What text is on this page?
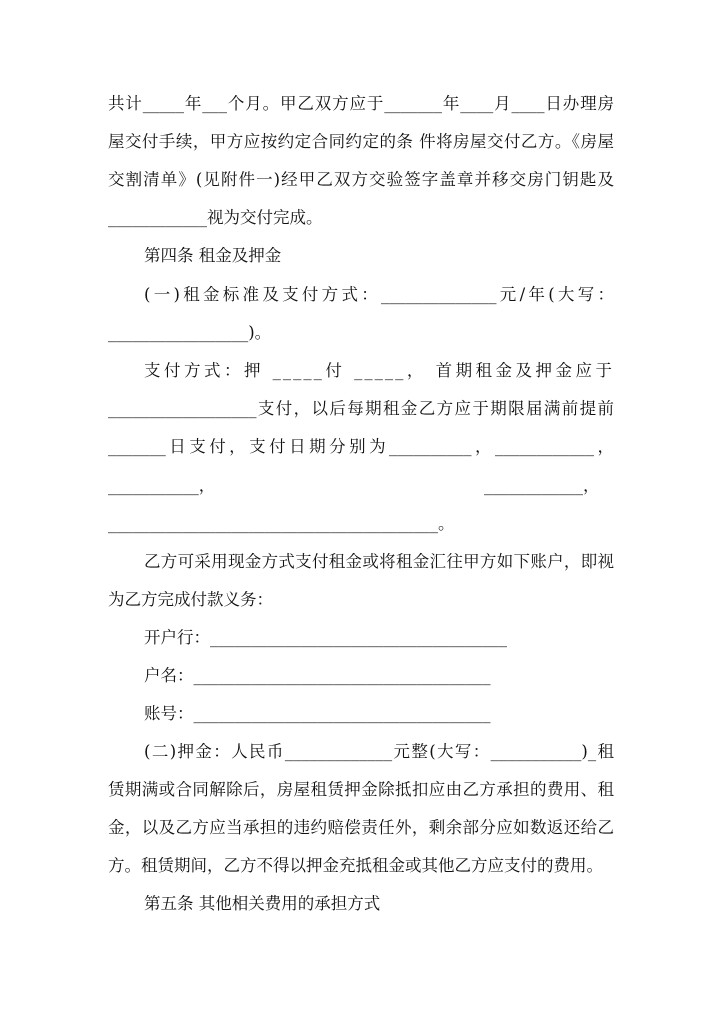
共计_____年___个月。甲乙双方应于_______年____月____日办理房
屋交付手续，甲方应按约定合同约定的条 件将房屋交付乙方。《房屋
交割清单》(见附件一)经甲乙双方交验签字盖章并移交房门钥匙及
____________视为交付完成。
第四条 租金及押金
(一)租金标准及支付方式：______________元/年(大写：
_________________)。
支付方式：押 _____付 _____， 首期租金及押金应于
__________________支付，以后每期租金乙方应于期限届满前提前
_______日支付，支付日期分别为__________，____________，
___________，	____________，
________________________________________。
乙方可采用现金方式支付租金或将租金汇往甲方如下账户，即视
为乙方完成付款义务：
开户行：____________________________________
户名：____________________________________
账号：____________________________________
(二)押金：人民币_____________元整(大写：___________)_租
赁期满或合同解除后，房屋租赁押金除抵扣应由乙方承担的费用、租
金，以及乙方应当承担的违约赔偿责任外，剩余部分应如数返还给乙
方。租赁期间，乙方不得以押金充抵租金或其他乙方应支付的费用。
第五条 其他相关费用的承担方式
